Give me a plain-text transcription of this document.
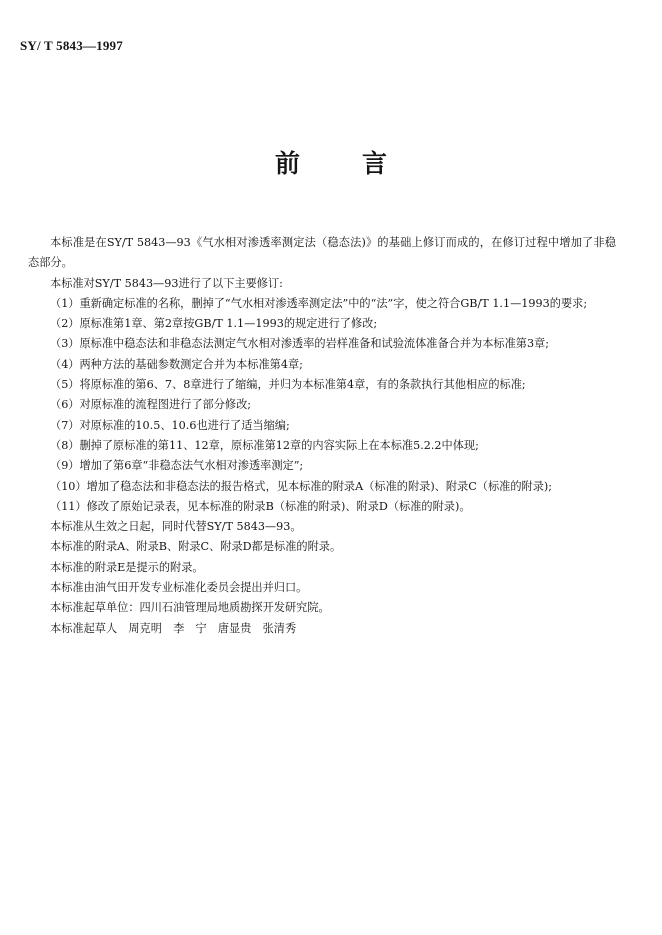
SY/ T 5843—1997
前 言

本标准是在SY/T 5843—93《气水相对渗透率测定法（稳态法)》的基础上修订而成的，在修订过程中增加了非稳态部分。

本标准对SY/T 5843—93进行了以下主要修订:

（1）重新确定标准的名称，删掉了“气水相对渗透率测定法”中的“法”字，使之符合GB/T 1.1—1993的要求;

（2）原标准第1章、第2章按GB/T 1.1—1993的规定进行了修改;

（3）原标准中稳态法和非稳态法测定气水相对渗透率的岩样准备和试验流体准备合并为本标准第3章;

（4）两种方法的基础参数测定合并为本标准第4章;

（5）将原标准的第6、7、8章进行了缩编，并归为本标准第4章，有的条款执行其他相应的标准;

（6）对原标准的流程图进行了部分修改;

（7）对原标准的10.5、10.6也进行了适当缩编;

（8）删掉了原标准的第11、12章，原标准第12章的内容实际上在本标准5.2.2中体现;

（9）增加了第6章“非稳态法气水相对渗透率测定”;

（10）增加了稳态法和非稳态法的报告格式，见本标准的附录A（标准的附录)、附录C（标准的附录);

（11）修改了原始记录表，见本标准的附录B（标准的附录)、附录D（标准的附录)。

本标准从生效之日起，同时代替SY/T 5843—93。

本标准的附录A、附录B、附录C、附录D都是标准的附录。

本标准的附录E是提示的附录。

本标准由油气田开发专业标准化委员会提出并归口。

本标准起草单位：四川石油管理局地质勘探开发研究院。

本标准起草人　周克明　李　宁　唐显贵　张清秀
